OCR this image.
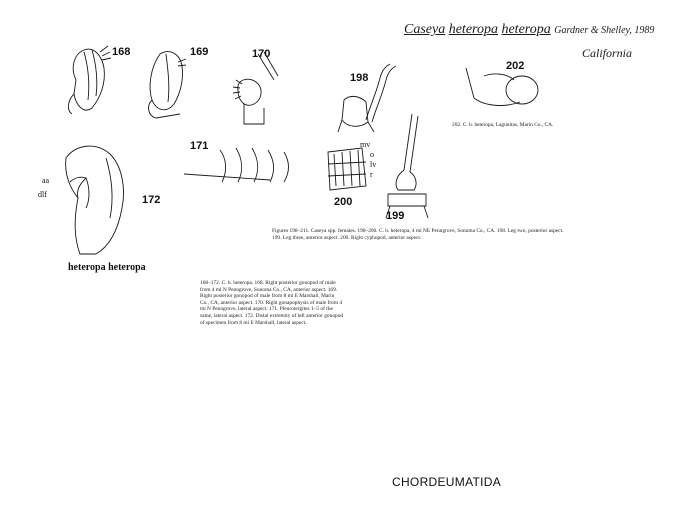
Caseya heteropa heteropa Gardner & Shelley, 1989
California
168	169	170
171
aa
dlf	172
198
199
mv
o
lv
r
200
202
202. C. h. heteropa, Lagunitas, Marin Co., CA.
Figures 198–211. Caseya spp. females. 198–200. C. h. heteropa, 4 mi NE Penngrove, Sonoma Co., CA. 198. Leg two, posterior aspect. 199. Leg three, anterior aspect. 200. Right cyphopod, anterior aspect.
heteropa heteropa
168–172. C. h. heteropa. 168. Right posterior gonopod of male from 4 mi N Penngrove, Sonoma Co., CA, anterior aspect. 169. Right posterior gonopod of male from 8 mi E Marshall, Marin Co., CA, anterior aspect. 170. Right gonapophysis of male from 4 mi N Penngrove, lateral aspect. 171. Pleurotergites 1–5 of the same, lateral aspect. 172. Distal extremity of left anterior gonopod of specimen from 8 mi E Marshall, lateral aspect.
CHORDEUMATIDA
